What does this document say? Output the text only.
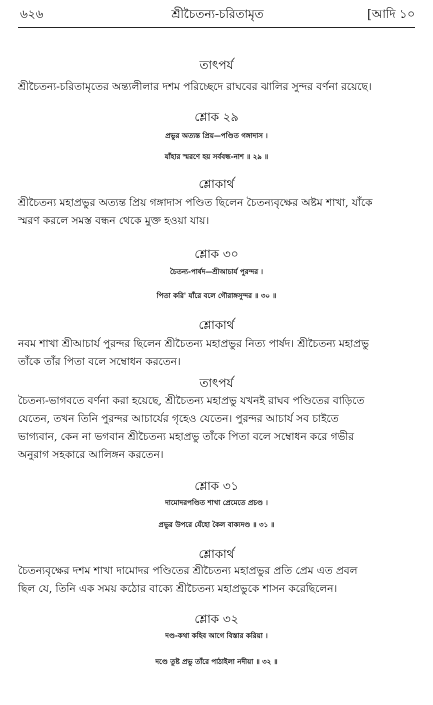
৬২৬	শ্রীচৈতন্য-চরিতামৃত	[আদি ১০
তাৎপর্য
শ্রীচৈতন্য-চরিতামৃতের অন্ত্যলীলার দশম পরিচ্ছেদে রাঘবের ঝালির সুন্দর বর্ণনা রয়েছে।
শ্লোক ২৯
প্রভুর অত্যন্ত প্রিয়—পণ্ডিত গঙ্গাদাস ।
যাঁহার স্মরণে হয় সর্ববন্ধ-নাশ ॥ ২৯ ॥
শ্লোকার্থ
শ্রীচৈতন্য মহাপ্রভুর অত্যন্ত প্রিয় গঙ্গাদাস পণ্ডিত ছিলেন চৈতন্যবৃক্ষের অষ্টম শাখা, যাঁকে
স্মরণ করলে সমস্ত বন্ধন থেকে মুক্ত হওয়া যায়।
শ্লোক ৩০
চৈতন্য-পার্ষদ—শ্রীআচার্য পুরন্দর ।
পিতা করি' যাঁরে বলে গৌরাঙ্গসুন্দর ॥ ৩০ ॥
শ্লোকার্থ
নবম শাখা শ্রীআচার্য পুরন্দর ছিলেন শ্রীচৈতন্য মহাপ্রভুর নিত্য পার্ষদ। শ্রীচৈতন্য মহাপ্রভু
তাঁকে তাঁর পিতা বলে সম্বোধন করতেন।
তাৎপর্য
চৈতন্য-ভাগবতে বর্ণনা করা হয়েছে, শ্রীচৈতন্য মহাপ্রভু যখনই রাঘব পণ্ডিতের বাড়িতে
যেতেন, তখন তিনি পুরন্দর আচার্যের গৃহেও যেতেন। পুরন্দর আচার্য সব চাইতে
ভাগ্যবান, কেন না ভগবান শ্রীচৈতন্য মহাপ্রভু তাঁকে পিতা বলে সম্বোধন করে গভীর
অনুরাগ সহকারে আলিঙ্গন করতেন।
শ্লোক ৩১
দামোদরপণ্ডিত শাখা প্রেমেতে প্রচণ্ড ।
প্রভুর উপরে যেঁহো কৈল বাক্যদণ্ড ॥ ৩১ ॥
শ্লোকার্থ
চৈতন্যবৃক্ষের দশম শাখা দামোদর পণ্ডিতের শ্রীচৈতন্য মহাপ্রভুর প্রতি প্রেম এত প্রবল
ছিল যে, তিনি এক সময় কঠোর বাক্যে শ্রীচৈতন্য মহাপ্রভুকে শাসন করেছিলেন।
শ্লোক ৩২
দণ্ড-কথা কহিব আগে বিস্তার করিয়া ।
দণ্ডে তুষ্ট প্রভু তাঁরে পাঠাইলা নদীয়া ॥ ৩২ ॥
